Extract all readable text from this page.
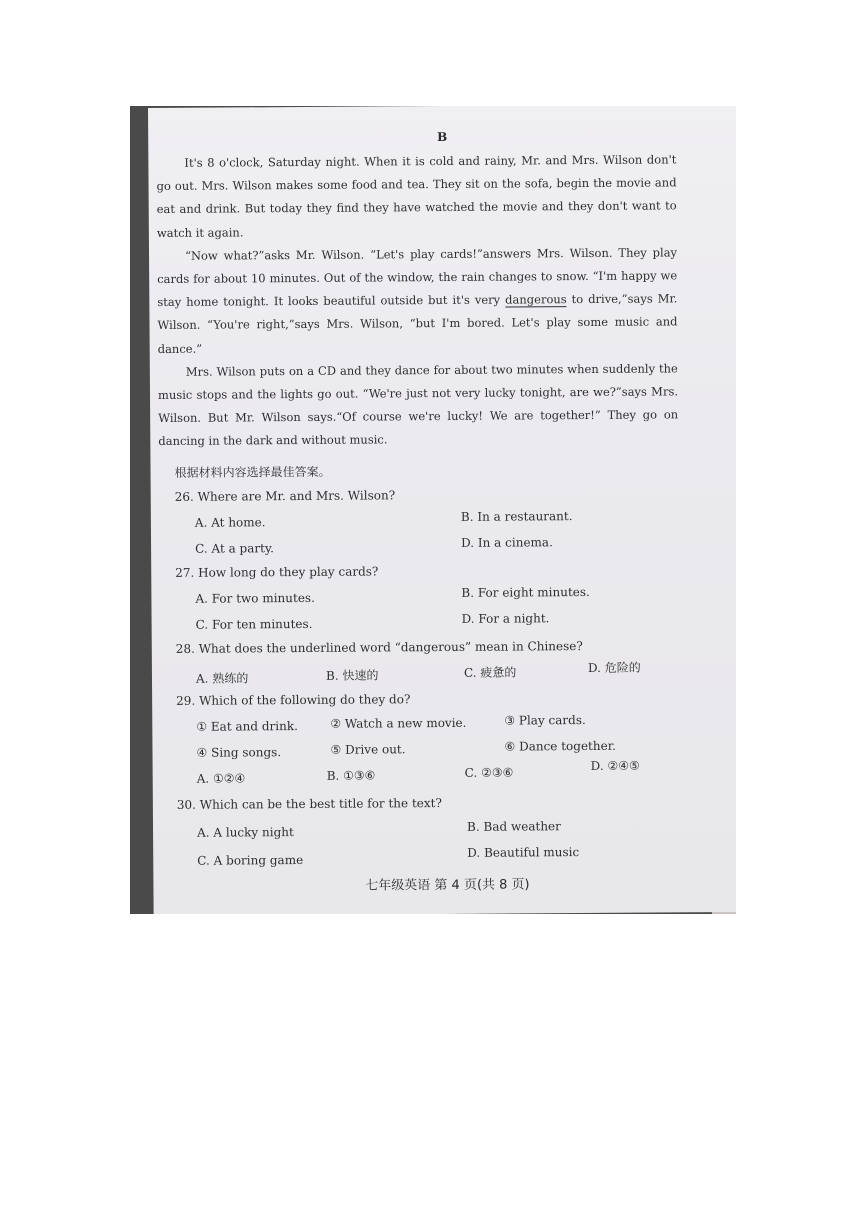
B

It's 8 o'clock, Saturday night. When it is cold and rainy, Mr. and Mrs. Wilson don't go out. Mrs. Wilson makes some food and tea. They sit on the sofa, begin the movie and eat and drink. But today they find they have watched the movie and they don't want to watch it again.

“Now what?”asks Mr. Wilson. “Let's play cards!”answers Mrs. Wilson. They play cards for about 10 minutes. Out of the window, the rain changes to snow. “I'm happy we stay home tonight. It looks beautiful outside but it's very dangerous to drive,”says Mr. Wilson. “You're right,”says Mrs. Wilson, “but I'm bored. Let's play some music and dance.”

Mrs. Wilson puts on a CD and they dance for about two minutes when suddenly the music stops and the lights go out. “We're just not very lucky tonight, are we?”says Mrs. Wilson. But Mr. Wilson says.“Of course we're lucky! We are together!” They go on dancing in the dark and without music.

根据材料内容选择最佳答案。
26. Where are Mr. and Mrs. Wilson?
A. At home.	B. In a restaurant.
C. At a party.	D. In a cinema.
27. How long do they play cards?
A. For two minutes.	B. For eight minutes.
C. For ten minutes.	D. For a night.
28. What does the underlined word “dangerous” mean in Chinese?
A. 熟练的	B. 快速的	C. 疲惫的	D. 危险的
29. Which of the following do they do?
① Eat and drink.	② Watch a new movie.	③ Play cards.
④ Sing songs.	⑤ Drive out.	⑥ Dance together.
A. ①②④	B. ①③⑥	C. ②③⑥	D. ②④⑤
30. Which can be the best title for the text?
A. A lucky night	B. Bad weather
C. A boring game
D. Beautiful music
七年级英语 第 4 页(共 8 页)
